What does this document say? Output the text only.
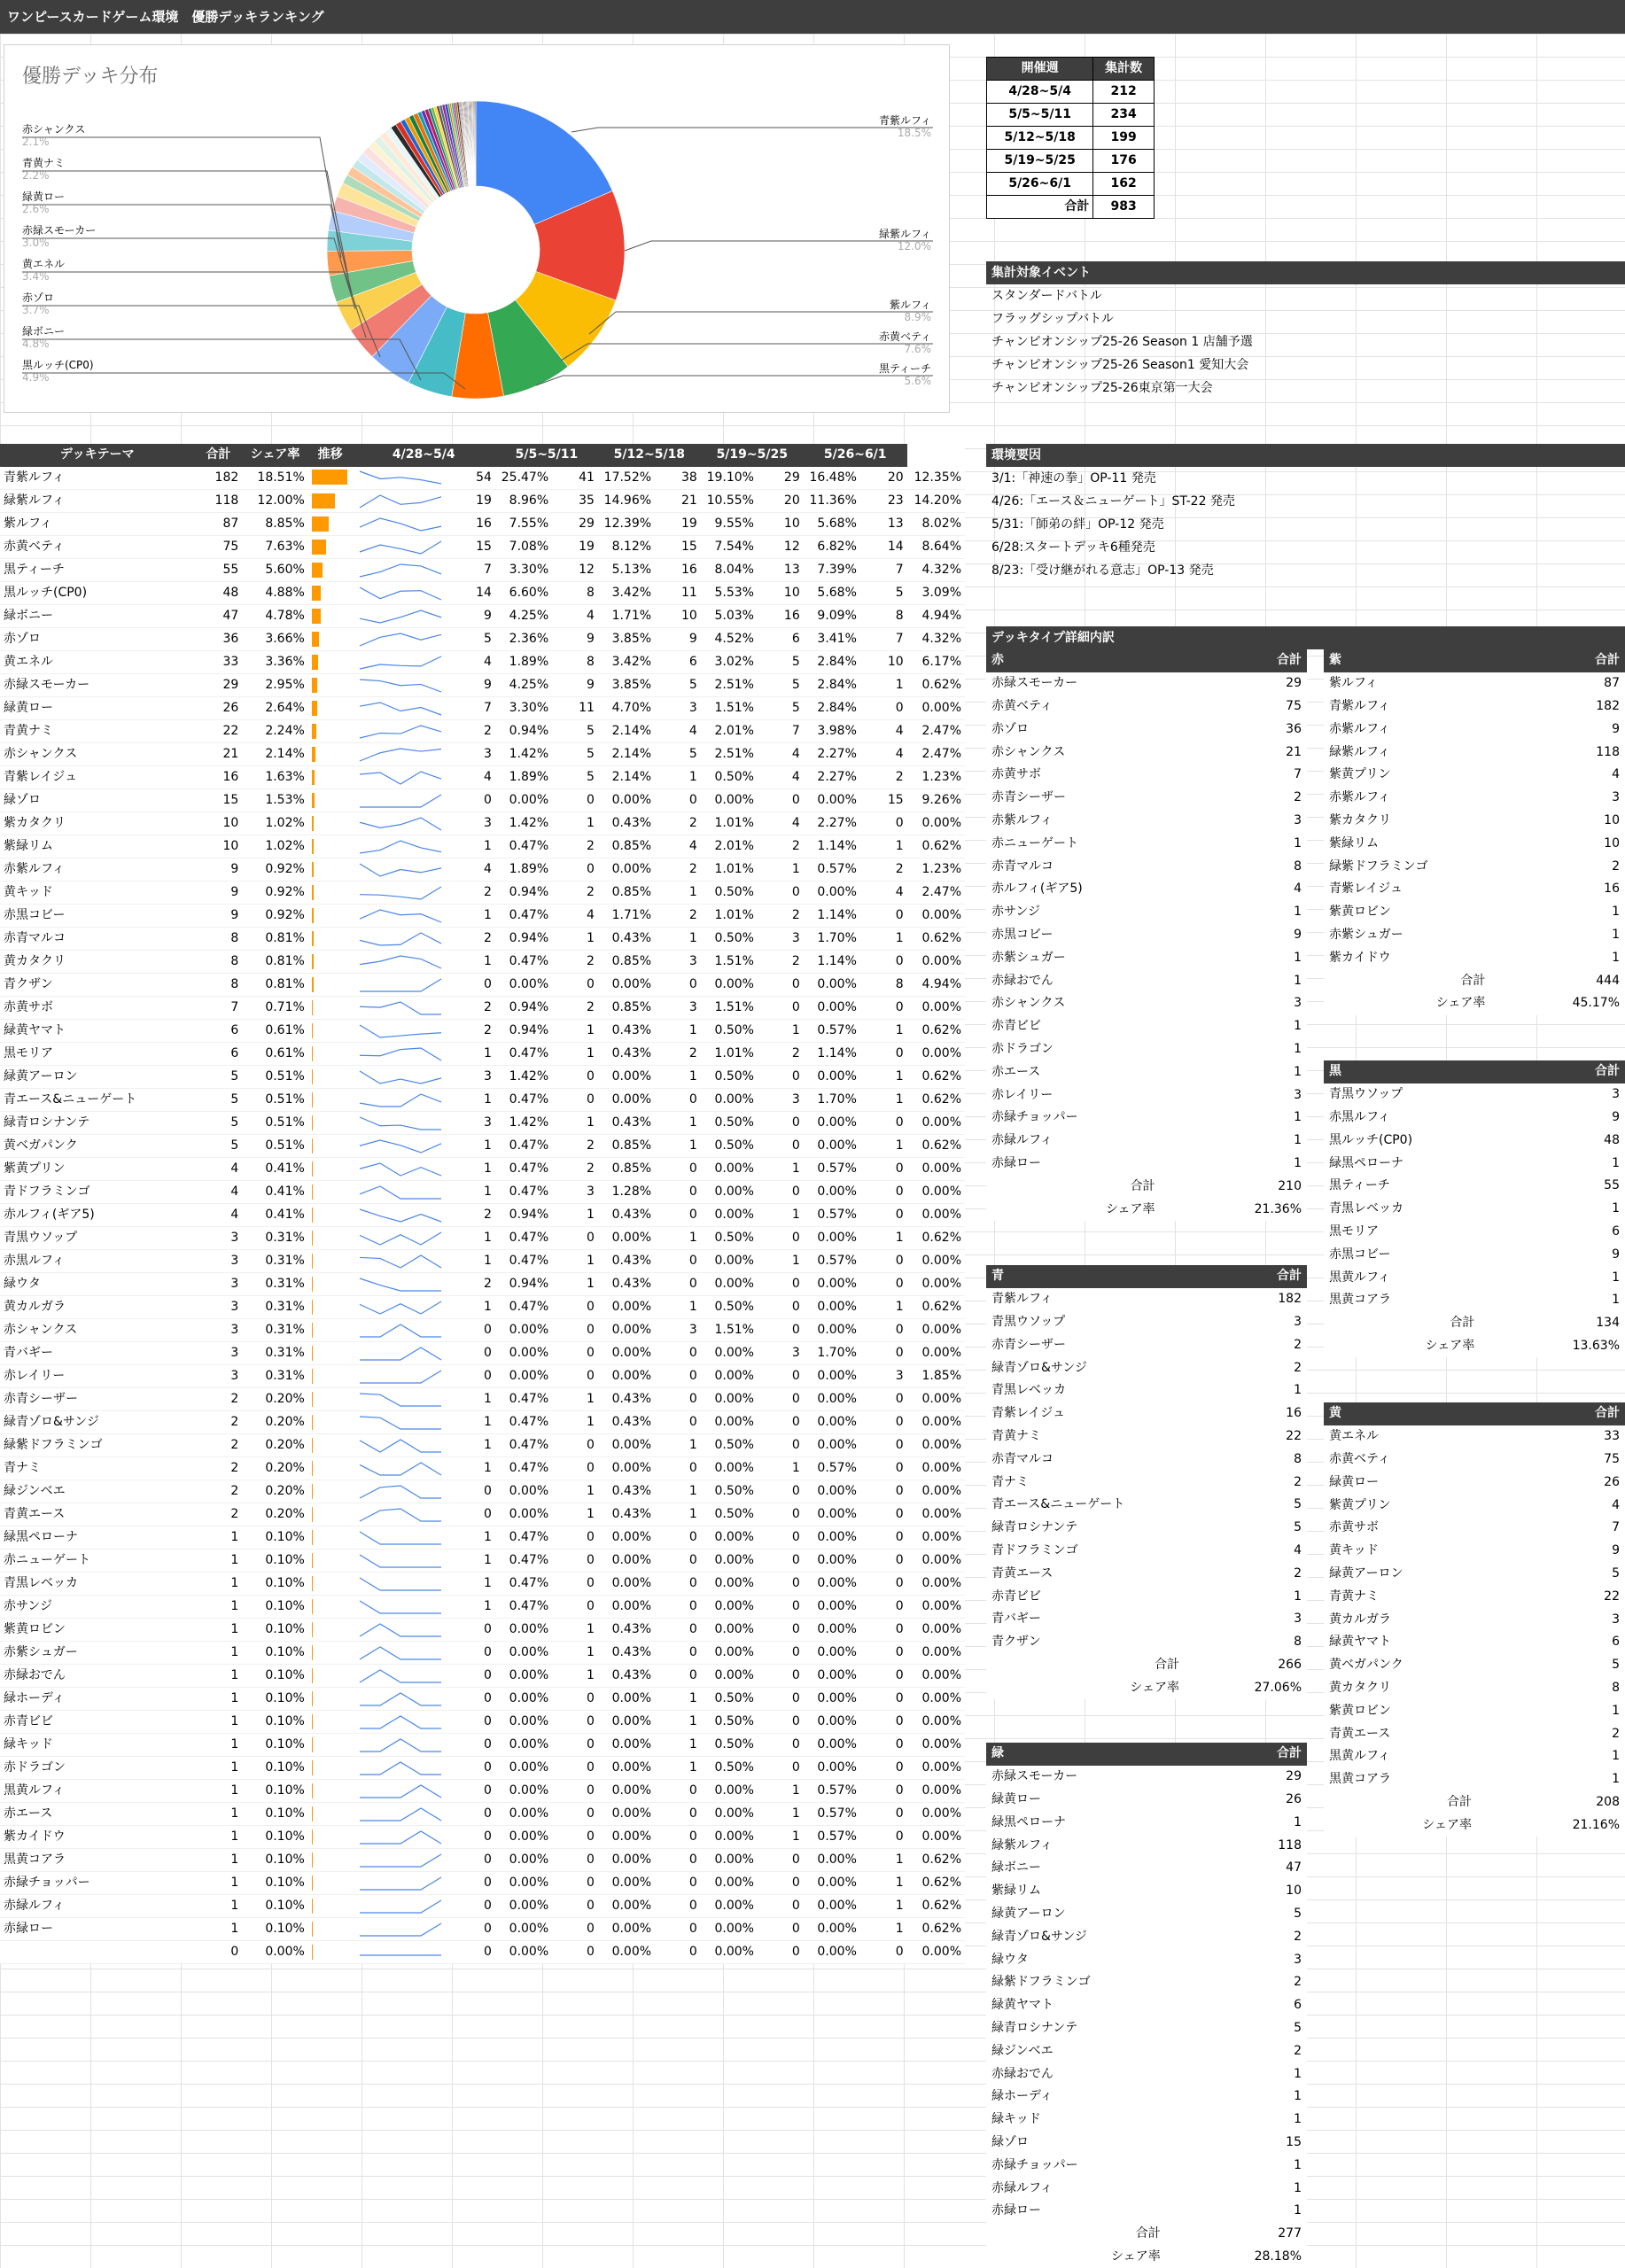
ワンピースカードゲーム環境　優勝デッキランキング
優勝デッキ分布
赤シャンクス
2.1%
青黄ナミ
2.2%
緑黄ロー
2.6%
赤緑スモーカー
3.0%
黄エネル
3.4%
赤ゾロ
3.7%
緑ボニー
4.8%
黒ルッチ(CP0)
4.9%
青紫ルフィ
18.5%
緑紫ルフィ
12.0%
紫ルフィ
8.9%
赤黄ベティ
7.6%
黒ティーチ
5.6%
開催週	集計数
4/28~5/4	212
5/5~5/11	234
5/12~5/18	199
5/19~5/25	176
5/26~6/1	162
合計	983
集計対象イベント
スタンダードバトル
フラッグシップバトル
チャンピオンシップ25-26 Season 1 店舗予選
チャンピオンシップ25-26 Season1 愛知大会
チャンピオンシップ25-26東京第一大会
環境要因
3/1:「神速の拳」OP-11 発売
4/26:「エース＆ニューゲート」ST-22 発売
5/31:「師弟の絆」OP-12 発売
6/28:スタートデッキ6種発売
8/23:「受け継がれる意志」OP-13 発売
デッキテーマ	合計	シェア率	推移	4/28~5/4		5/5~5/11		5/12~5/18		5/19~5/25		5/26~6/1		
青紫ルフィ	182	18.51%			54	25.47%	41	17.52%	38	19.10%	29	16.48%	20	12.35%
緑紫ルフィ	118	12.00%			19	8.96%	35	14.96%	21	10.55%	20	11.36%	23	14.20%
紫ルフィ	87	8.85%			16	7.55%	29	12.39%	19	9.55%	10	5.68%	13	8.02%
赤黄ベティ	75	7.63%			15	7.08%	19	8.12%	15	7.54%	12	6.82%	14	8.64%
黒ティーチ	55	5.60%			7	3.30%	12	5.13%	16	8.04%	13	7.39%	7	4.32%
黒ルッチ(CP0)	48	4.88%			14	6.60%	8	3.42%	11	5.53%	10	5.68%	5	3.09%
緑ボニー	47	4.78%			9	4.25%	4	1.71%	10	5.03%	16	9.09%	8	4.94%
赤ゾロ	36	3.66%			5	2.36%	9	3.85%	9	4.52%	6	3.41%	7	4.32%
黄エネル	33	3.36%			4	1.89%	8	3.42%	6	3.02%	5	2.84%	10	6.17%
赤緑スモーカー	29	2.95%			9	4.25%	9	3.85%	5	2.51%	5	2.84%	1	0.62%
緑黄ロー	26	2.64%			7	3.30%	11	4.70%	3	1.51%	5	2.84%	0	0.00%
青黄ナミ	22	2.24%			2	0.94%	5	2.14%	4	2.01%	7	3.98%	4	2.47%
赤シャンクス	21	2.14%			3	1.42%	5	2.14%	5	2.51%	4	2.27%	4	2.47%
青紫レイジュ	16	1.63%			4	1.89%	5	2.14%	1	0.50%	4	2.27%	2	1.23%
緑ゾロ	15	1.53%			0	0.00%	0	0.00%	0	0.00%	0	0.00%	15	9.26%
紫カタクリ	10	1.02%			3	1.42%	1	0.43%	2	1.01%	4	2.27%	0	0.00%
紫緑リム	10	1.02%			1	0.47%	2	0.85%	4	2.01%	2	1.14%	1	0.62%
赤紫ルフィ	9	0.92%			4	1.89%	0	0.00%	2	1.01%	1	0.57%	2	1.23%
黄キッド	9	0.92%			2	0.94%	2	0.85%	1	0.50%	0	0.00%	4	2.47%
赤黒コビー	9	0.92%			1	0.47%	4	1.71%	2	1.01%	2	1.14%	0	0.00%
赤青マルコ	8	0.81%			2	0.94%	1	0.43%	1	0.50%	3	1.70%	1	0.62%
黄カタクリ	8	0.81%			1	0.47%	2	0.85%	3	1.51%	2	1.14%	0	0.00%
青クザン	8	0.81%			0	0.00%	0	0.00%	0	0.00%	0	0.00%	8	4.94%
赤黄サボ	7	0.71%			2	0.94%	2	0.85%	3	1.51%	0	0.00%	0	0.00%
緑黄ヤマト	6	0.61%			2	0.94%	1	0.43%	1	0.50%	1	0.57%	1	0.62%
黒モリア	6	0.61%			1	0.47%	1	0.43%	2	1.01%	2	1.14%	0	0.00%
緑黄アーロン	5	0.51%			3	1.42%	0	0.00%	1	0.50%	0	0.00%	1	0.62%
青エース&ニューゲート	5	0.51%			1	0.47%	0	0.00%	0	0.00%	3	1.70%	1	0.62%
緑青ロシナンテ	5	0.51%			3	1.42%	1	0.43%	1	0.50%	0	0.00%	0	0.00%
黄ベガパンク	5	0.51%			1	0.47%	2	0.85%	1	0.50%	0	0.00%	1	0.62%
紫黄プリン	4	0.41%			1	0.47%	2	0.85%	0	0.00%	1	0.57%	0	0.00%
青ドフラミンゴ	4	0.41%			1	0.47%	3	1.28%	0	0.00%	0	0.00%	0	0.00%
赤ルフィ(ギア5)	4	0.41%			2	0.94%	1	0.43%	0	0.00%	1	0.57%	0	0.00%
青黒ウソップ	3	0.31%			1	0.47%	0	0.00%	1	0.50%	0	0.00%	1	0.62%
赤黒ルフィ	3	0.31%			1	0.47%	1	0.43%	0	0.00%	1	0.57%	0	0.00%
緑ウタ	3	0.31%			2	0.94%	1	0.43%	0	0.00%	0	0.00%	0	0.00%
黄カルガラ	3	0.31%			1	0.47%	0	0.00%	1	0.50%	0	0.00%	1	0.62%
赤シャンクス	3	0.31%			0	0.00%	0	0.00%	3	1.51%	0	0.00%	0	0.00%
青バギー	3	0.31%			0	0.00%	0	0.00%	0	0.00%	3	1.70%	0	0.00%
赤レイリー	3	0.31%			0	0.00%	0	0.00%	0	0.00%	0	0.00%	3	1.85%
赤青シーザー	2	0.20%			1	0.47%	1	0.43%	0	0.00%	0	0.00%	0	0.00%
緑青ゾロ&サンジ	2	0.20%			1	0.47%	1	0.43%	0	0.00%	0	0.00%	0	0.00%
緑紫ドフラミンゴ	2	0.20%			1	0.47%	0	0.00%	1	0.50%	0	0.00%	0	0.00%
青ナミ	2	0.20%			1	0.47%	0	0.00%	0	0.00%	1	0.57%	0	0.00%
緑ジンベエ	2	0.20%			0	0.00%	1	0.43%	1	0.50%	0	0.00%	0	0.00%
青黄エース	2	0.20%			0	0.00%	1	0.43%	1	0.50%	0	0.00%	0	0.00%
緑黒ペローナ	1	0.10%			1	0.47%	0	0.00%	0	0.00%	0	0.00%	0	0.00%
赤ニューゲート	1	0.10%			1	0.47%	0	0.00%	0	0.00%	0	0.00%	0	0.00%
青黒レベッカ	1	0.10%			1	0.47%	0	0.00%	0	0.00%	0	0.00%	0	0.00%
赤サンジ	1	0.10%			1	0.47%	0	0.00%	0	0.00%	0	0.00%	0	0.00%
紫黄ロビン	1	0.10%			0	0.00%	1	0.43%	0	0.00%	0	0.00%	0	0.00%
赤紫シュガー	1	0.10%			0	0.00%	1	0.43%	0	0.00%	0	0.00%	0	0.00%
赤緑おでん	1	0.10%			0	0.00%	1	0.43%	0	0.00%	0	0.00%	0	0.00%
緑ホーディ	1	0.10%			0	0.00%	0	0.00%	1	0.50%	0	0.00%	0	0.00%
赤青ビビ	1	0.10%			0	0.00%	0	0.00%	1	0.50%	0	0.00%	0	0.00%
緑キッド	1	0.10%			0	0.00%	0	0.00%	1	0.50%	0	0.00%	0	0.00%
赤ドラゴン	1	0.10%			0	0.00%	0	0.00%	1	0.50%	0	0.00%	0	0.00%
黒黄ルフィ	1	0.10%			0	0.00%	0	0.00%	0	0.00%	1	0.57%	0	0.00%
赤エース	1	0.10%			0	0.00%	0	0.00%	0	0.00%	1	0.57%	0	0.00%
紫カイドウ	1	0.10%			0	0.00%	0	0.00%	0	0.00%	1	0.57%	0	0.00%
黒黄コアラ	1	0.10%			0	0.00%	0	0.00%	0	0.00%	0	0.00%	1	0.62%
赤緑チョッパー	1	0.10%			0	0.00%	0	0.00%	0	0.00%	0	0.00%	1	0.62%
赤緑ルフィ	1	0.10%			0	0.00%	0	0.00%	0	0.00%	0	0.00%	1	0.62%
赤緑ロー	1	0.10%			0	0.00%	0	0.00%	0	0.00%	0	0.00%	1	0.62%
	0	0.00%			0	0.00%	0	0.00%	0	0.00%	0	0.00%	0	0.00%
デッキタイプ詳細内訳
赤	合計
赤緑スモーカー	29
赤黄ベティ	75
赤ゾロ	36
赤シャンクス	21
赤黄サボ	7
赤青シーザー	2
赤紫ルフィ	3
赤ニューゲート	1
赤青マルコ	8
赤ルフィ(ギア5)	4
赤サンジ	1
赤黒コビー	9
赤紫シュガー	1
赤緑おでん	1
赤シャンクス	3
赤青ビビ	1
赤ドラゴン	1
赤エース	1
赤レイリー	3
赤緑チョッパー	1
赤緑ルフィ	1
赤緑ロー	1
合計	210
シェア率	21.36%
青	合計
青紫ルフィ	182
青黒ウソップ	3
赤青シーザー	2
緑青ゾロ&サンジ	2
青黒レベッカ	1
青紫レイジュ	16
青黄ナミ	22
赤青マルコ	8
青ナミ	2
青エース&ニューゲート	5
緑青ロシナンテ	5
青ドフラミンゴ	4
青黄エース	2
赤青ビビ	1
青バギー	3
青クザン	8
合計	266
シェア率	27.06%
緑	合計
赤緑スモーカー	29
緑黄ロー	26
緑黒ペローナ	1
緑紫ルフィ	118
緑ボニー	47
紫緑リム	10
緑黄アーロン	5
緑青ゾロ&サンジ	2
緑ウタ	3
緑紫ドフラミンゴ	2
緑黄ヤマト	6
緑青ロシナンテ	5
緑ジンベエ	2
赤緑おでん	1
緑ホーディ	1
緑キッド	1
緑ゾロ	15
赤緑チョッパー	1
赤緑ルフィ	1
赤緑ロー	1
合計	277
シェア率	28.18%
紫	合計
紫ルフィ	87
青紫ルフィ	182
赤紫ルフィ	9
緑紫ルフィ	118
紫黄プリン	4
赤紫ルフィ	3
紫カタクリ	10
紫緑リム	10
緑紫ドフラミンゴ	2
青紫レイジュ	16
紫黄ロビン	1
赤紫シュガー	1
紫カイドウ	1
合計	444
シェア率	45.17%
黒	合計
青黒ウソップ	3
赤黒ルフィ	9
黒ルッチ(CP0)	48
緑黒ペローナ	1
黒ティーチ	55
青黒レベッカ	1
黒モリア	6
赤黒コビー	9
黒黄ルフィ	1
黒黄コアラ	1
合計	134
シェア率	13.63%
黄	合計
黄エネル	33
赤黄ベティ	75
緑黄ロー	26
紫黄プリン	4
赤黄サボ	7
黄キッド	9
緑黄アーロン	5
青黄ナミ	22
黄カルガラ	3
緑黄ヤマト	6
黄ベガパンク	5
黄カタクリ	8
紫黄ロビン	1
青黄エース	2
黒黄ルフィ	1
黒黄コアラ	1
合計	208
シェア率	21.16%
